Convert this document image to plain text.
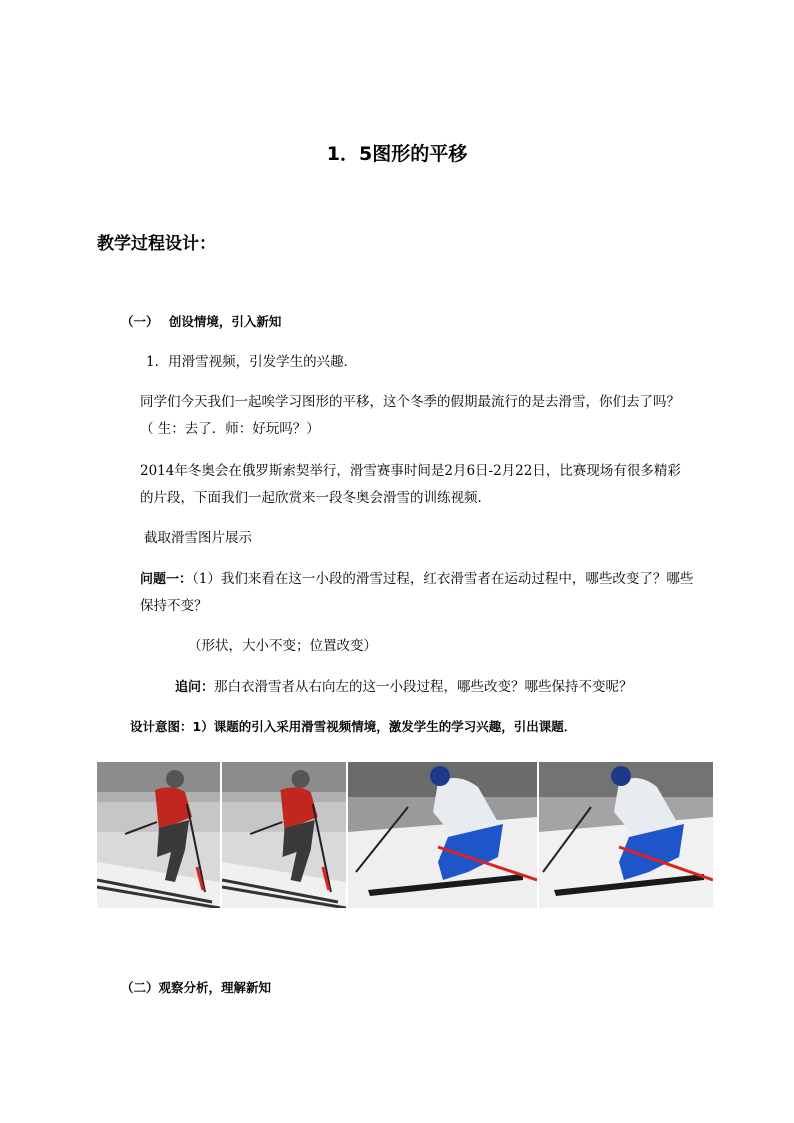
1．5图形的平移
教学过程设计：
（一） 创设情境，引入新知
1．用滑雪视频，引发学生的兴趣．
同学们今天我们一起唉学习图形的平移，这个冬季的假期最流行的是去滑雪，你们去了吗？
（ 生：去了．师：好玩吗？）
2014年冬奥会在俄罗斯索契举行，滑雪赛事时间是2月6日-2月22日，比赛现场有很多精彩
的片段，下面我们一起欣赏来一段冬奥会滑雪的训练视频．
截取滑雪图片展示
问题一：（1）我们来看在这一小段的滑雪过程，红衣滑雪者在运动过程中，哪些改变了？哪些
保持不变？
（形状，大小不变；位置改变）
追问：那白衣滑雪者从右向左的这一小段过程，哪些改变？哪些保持不变呢？
设计意图：1）课题的引入采用滑雪视频情境，激发学生的学习兴趣，引出课题．
（二）观察分析，理解新知
